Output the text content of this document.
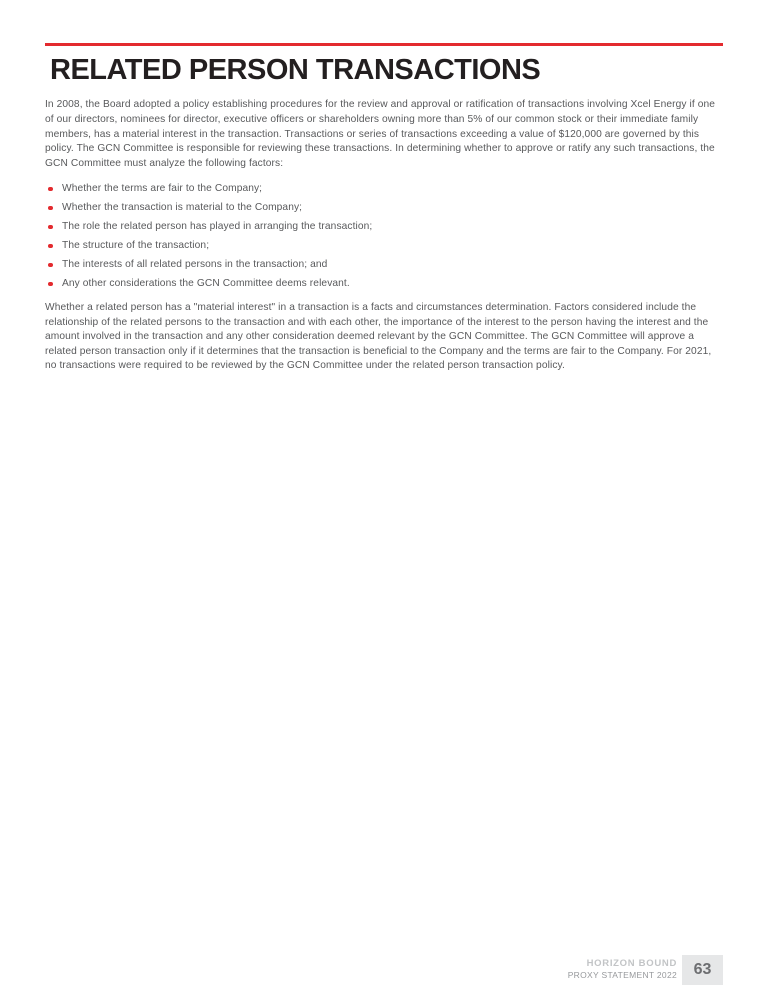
RELATED PERSON TRANSACTIONS

In 2008, the Board adopted a policy establishing procedures for the review and approval or ratification of transactions involving Xcel Energy if one of our directors, nominees for director, executive officers or shareholders owning more than 5% of our common stock or their immediate family members, has a material interest in the transaction. Transactions or series of transactions exceeding a value of $120,000 are governed by this policy. The GCN Committee is responsible for reviewing these transactions. In determining whether to approve or ratify any such transactions, the GCN Committee must analyze the following factors:

Whether the terms are fair to the Company;
Whether the transaction is material to the Company;
The role the related person has played in arranging the transaction;
The structure of the transaction;
The interests of all related persons in the transaction; and
Any other considerations the GCN Committee deems relevant.

Whether a related person has a "material interest" in a transaction is a facts and circumstances determination. Factors considered include the relationship of the related persons to the transaction and with each other, the importance of the interest to the person having the interest and the amount involved in the transaction and any other consideration deemed relevant by the GCN Committee. The GCN Committee will approve a related person transaction only if it determines that the transaction is beneficial to the Company and the terms are fair to the Company. For 2021, no transactions were required to be reviewed by the GCN Committee under the related person transaction policy.

HORIZON BOUND
PROXY STATEMENT 2022 63
